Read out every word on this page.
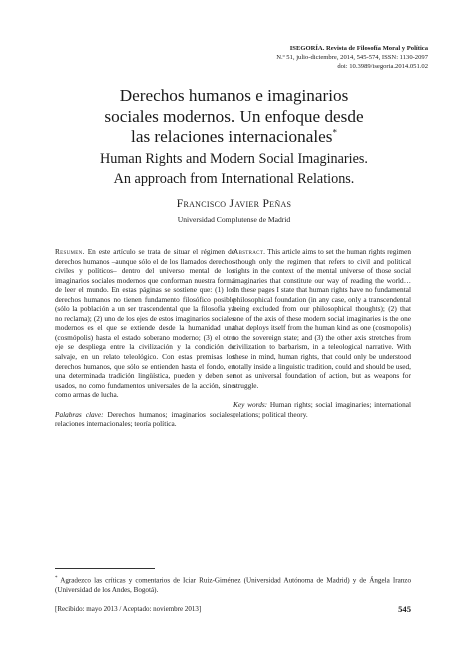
ISEGORÍA. Revista de Filosofía Moral y Política
N.º 51, julio-diciembre, 2014, 545-574, ISSN: 1130-2097
doi: 10.3989/isegoria.2014.051.02
Derechos humanos e imaginarios
sociales modernos. Un enfoque desde
las relaciones internacionales*
Human Rights and Modern Social Imaginaries.
An approach from International Relations.
Francisco Javier Peñas
Universidad Complutense de Madrid
Resumen. En este artículo se trata de situar el régimen de derechos humanos –aunque sólo el de los llamados derechos civiles y políticos– dentro del universo mental de los imaginarios sociales modernos que conforman nuestra forma de leer el mundo. En estas páginas se sostiene que: (1) los derechos humanos no tienen fundamento filosófico posible (sólo la población a un ser trascendental que la filosofía ya no reclama); (2) uno de los ejes de estos imaginarios sociales modernos es el que se extiende desde la humanidad una (cosmópolis) hasta el estado soberano moderno; (3) el otro eje se despliega entre la civilización y la condición de salvaje, en un relato teleológico. Con estas premisas los derechos humanos, que sólo se entienden hasta el fondo, en una determinada tradición lingüística, pueden y deben ser usados, no como fundamentos universales de la acción, sino como armas de lucha.
Palabras clave: Derechos humanos; imaginarios sociales; relaciones internacionales; teoría política.
Abstract. This article aims to set the human rights regimen -though only the regimen that refers to civil and political rights in the context of the mental universe of those social imaginaries that constitute our way of reading the world… In these pages I state that human rights have no fundamental philosophical foundation (in any case, only a transcendental being excluded from our philosophical thoughts); (2) that one of the axis of these modern social imaginaries is the one that deploys itself from the human kind as one (cosmopolis) to the sovereign state; and (3) the other axis stretches from civilization to barbarism, in a teleological narrative. With these in mind, human rights, that could only be understood totally inside a linguistic tradition, could and should be used, not as universal foundation of action, but as weapons for struggle.
Key words: Human rights; social imaginaries; international relations; political theory.
* Agradezco las críticas y comentarios de Iciar Ruiz-Giménez (Universidad Autónoma de Madrid) y de Ángela Iranzo (Universidad de los Andes, Bogotá).
[Recibido: mayo 2013 / Aceptado: noviembre 2013]	545
